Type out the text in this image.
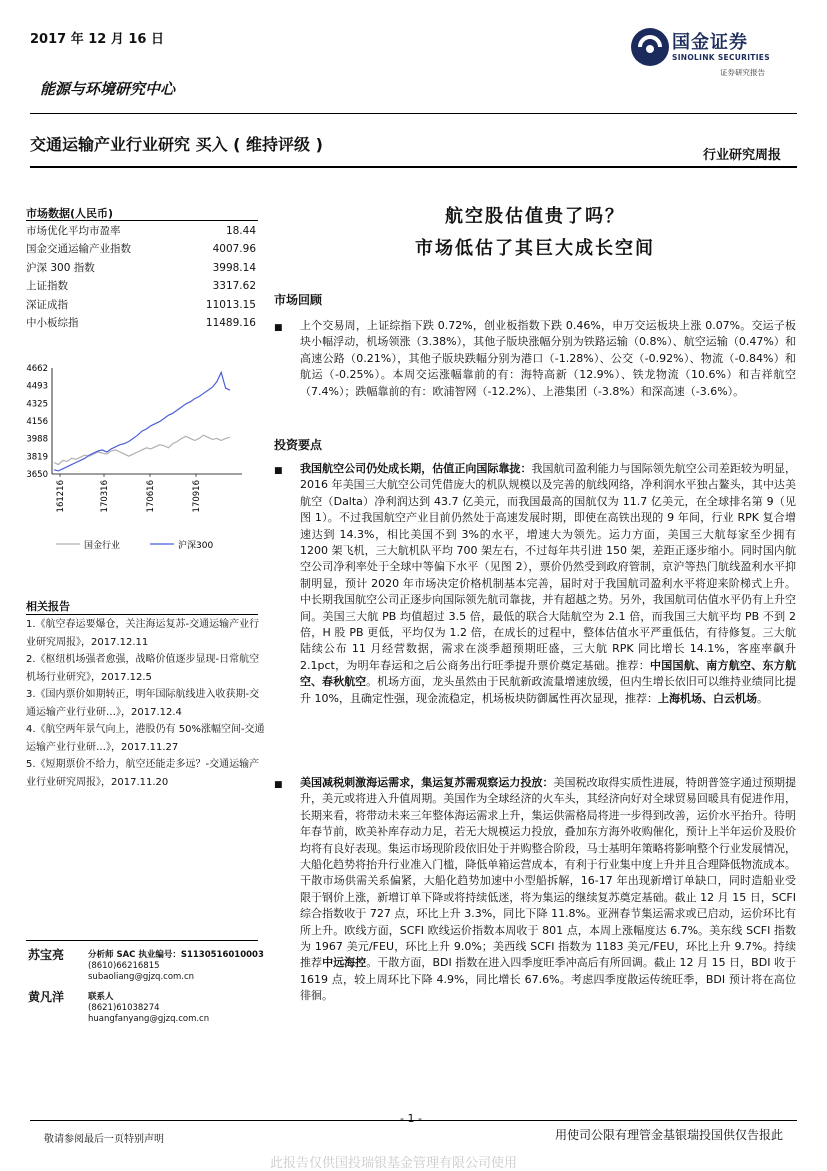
2017 年 12 月 16 日	国金证券
SINOLINK SECURITIES
证券研究报告
能源与环境研究中心
交通运输产业行业研究 买入 ( 维持评级 )
行业研究周报
市场数据(人民币)
市场优化平均市盈率	18.44
国金交通运输产业指数	4007.96
沪深 300 指数	3998.14
上证指数	3317.62
深证成指	11013.15
中小板综指	11489.16
4662
4493
4325
4156
3988
3819
3650
161216	170316	170616	170916
国金行业	沪深300
相关报告
1.《航空春运要爆仓，关注海运复苏-交通运输产业行业研究周报》，2017.12.11
2.《枢纽机场强者愈强，战略价值逐步显现-日常航空机场行业研究》，2017.12.5
3.《国内票价如期转正，明年国际航线进入收获期-交通运输产业行业研…》，2017.12.4
4.《航空两年景气向上，港股仍有 50%涨幅空间-交通运输产业行业研…》，2017.11.27
5.《短期票价不给力，航空还能走多远？-交通运输产业行业研究周报》，2017.11.20
苏宝亮	分析师 SAC 执业编号：S1130516010003
(8610)66216815
subaoliang@gjzq.com.cn
黄凡洋	联系人
(8621)61038274
huangfanyang@gjzq.com.cn
航空股估值贵了吗？
市场低估了其巨大成长空间
市场回顾
■ 上个交易周，上证综指下跌 0.72%，创业板指数下跌 0.46%，申万交运板块上涨 0.07%。交运子板块小幅浮动，机场领涨（3.38%），其他子版块涨幅分别为铁路运输（0.8%）、航空运输（0.47%）和高速公路（0.21%），其他子版块跌幅分别为港口（-1.28%）、公交（-0.92%）、物流（-0.84%）和航运（-0.25%）。本周交运涨幅靠前的有：海特高新（12.9%）、铁龙物流（10.6%）和吉祥航空（7.4%）；跌幅靠前的有：欧浦智网（-12.2%）、上港集团（-3.8%）和深高速（-3.6%）。
投资要点
■ 我国航空公司仍处成长期，估值正向国际靠拢：我国航司盈利能力与国际领先航空公司差距较为明显，2016 年美国三大航空公司凭借庞大的机队规模以及完善的航线网络，净利润水平独占鳌头，其中达美航空（Dalta）净利润达到 43.7 亿美元，而我国最高的国航仅为 11.7 亿美元，在全球排名第 9（见图 1）。不过我国航空产业目前仍然处于高速发展时期，即使在高铁出现的 9 年间，行业 RPK 复合增速达到 14.3%，相比美国不到 3%的水平，增速大为领先。运力方面，美国三大航每家至少拥有 1200 架飞机，三大航机队平均 700 架左右，不过每年共引进 150 架，差距正逐步缩小。同时国内航空公司净利率处于全球中等偏下水平（见图 2），票价仍然受到政府管制，京沪等热门航线盈利水平抑制明显，预计 2020 年市场决定价格机制基本完善，届时对于我国航司盈利水平将迎来阶梯式上升。中长期我国航空公司正逐步向国际领先航司靠拢，并有超越之势。另外，我国航司估值水平仍有上升空间。美国三大航 PB 均值超过 3.5 倍，最低的联合大陆航空为 2.1 倍，而我国三大航平均 PB 不到 2 倍，H 股 PB 更低，平均仅为 1.2 倍，在成长的过程中，整体估值水平严重低估，有待修复。三大航陆续公布 11 月经营数据，需求在淡季超预期旺盛，三大航 RPK 同比增长 14.1%，客座率飙升 2.1pct，为明年春运和之后公商务出行旺季提升票价奠定基础。推荐：中国国航、南方航空、东方航空、春秋航空。机场方面，龙头虽然由于民航新政流量增速放缓，但内生增长依旧可以维持业绩同比提升 10%，且确定性强，现金流稳定，机场板块防御属性再次显现，推荐：上海机场、白云机场。
■ 美国减税刺激海运需求，集运复苏需观察运力投放：美国税改取得实质性进展，特朗普签字通过预期提升，美元或将进入升值周期。美国作为全球经济的火车头，其经济向好对全球贸易回暖具有促进作用，长期来看，将带动未来三年整体海运需求上升，集运供需格局将进一步得到改善，运价水平抬升。待明年春节前，欧美补库存动力足，若无大规模运力投放，叠加东方海外收购催化，预计上半年运价及股价均将有良好表现。集运市场现阶段依旧处于并购整合阶段，马士基明年策略将影响整个行业发展情况，大船化趋势将抬升行业准入门槛，降低单箱运营成本，有利于行业集中度上升并且合理降低物流成本。干散市场供需关系偏紧，大船化趋势加速中小型船拆解，16-17 年出现新增订单缺口，同时造船业受限于钢价上涨，新增订单下降或将持续低迷，将为集运的继续复苏奠定基础。截止 12 月 15 日，SCFI 综合指数收于 727 点，环比上升 3.3%，同比下降 11.8%。亚洲春节集运需求或已启动，运价环比有所上升。欧线方面，SCFI 欧线运价指数本周收于 801 点，本周上涨幅度达 6.7%。美东线 SCFI 指数为 1967 美元/FEU，环比上升 9.0%；美西线 SCFI 指数为 1183 美元/FEU，环比上升 9.7%。持续推荐中远海控。干散方面，BDI 指数在进入四季度旺季冲高后有所回调。截止 12 月 15 日，BDI 收于 1619 点，较上周环比下降 4.9%，同比增长 67.6%。考虑四季度散运传统旺季，BDI 预计将在高位徘徊。
- 1 -
敬请参阅最后一页特别声明	用使司公限有理管金基银瑞投国供仅告报此
此报告仅供国投瑞银基金管理有限公司使用
